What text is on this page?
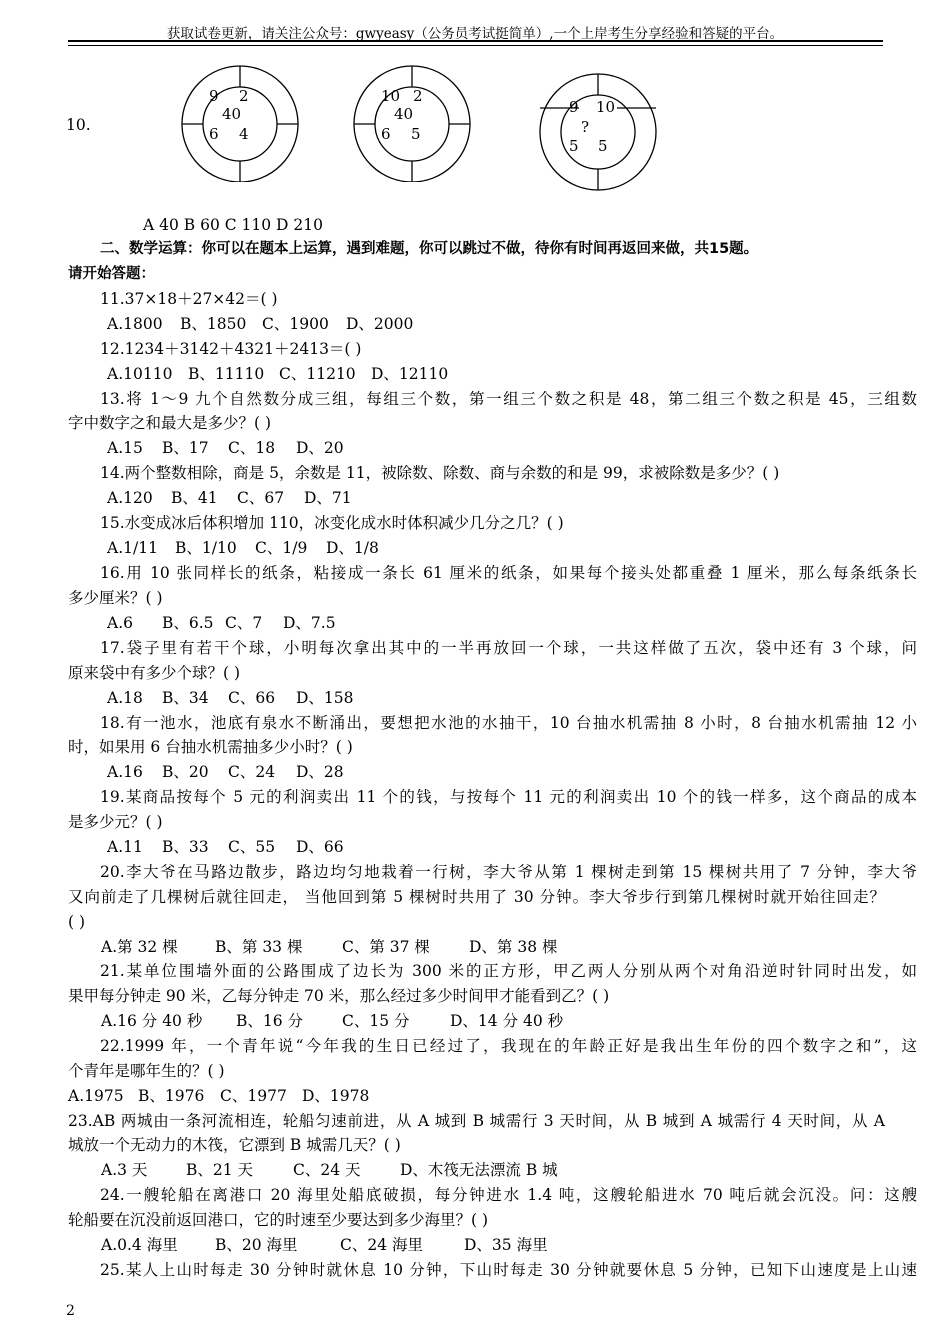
获取试卷更新，请关注公众号：gwyeasy（公务员考试挺简单）,一个上岸考生分享经验和答疑的平台。
10.
9 2
40
6 4
10 2
40
6 5
9 10
?
5 5
A 40 B 60 C 110 D 210
二、数学运算：你可以在题本上运算，遇到难题，你可以跳过不做，待你有时间再返回来做，共15题。
请开始答题：
11.37×18＋27×42＝( )
A.1800 B、1850 C、1900 D、2000
12.1234＋3142＋4321＋2413＝( )
A.10110 B、11110 C、11210 D、12110
13.将 1～9 九个自然数分成三组，每组三个数，第一组三个数之积是 48，第二组三个数之积是 45，三组数
字中数字之和最大是多少？( )
A.15 B、17 C、18 D、20
14.两个整数相除，商是 5，余数是 11，被除数、除数、商与余数的和是 99，求被除数是多少？( )
A.120 B、41 C、67 D、71
15.水变成冰后体积增加 110，冰变化成水时体积减少几分之几？( )
A.1/11 B、1/10 C、1/9 D、1/8
16.用 10 张同样长的纸条，粘接成一条长 61 厘米的纸条，如果每个接头处都重叠 1 厘米，那么每条纸条长
多少厘米？( )
A.6 B、6.5 C、7 D、7.5
17.袋子里有若干个球，小明每次拿出其中的一半再放回一个球，一共这样做了五次，袋中还有 3 个球，问
原来袋中有多少个球？( )
A.18 B、34 C、66 D、158
18.有一池水，池底有泉水不断涌出，要想把水池的水抽干，10 台抽水机需抽 8 小时，8 台抽水机需抽 12 小
时，如果用 6 台抽水机需抽多少小时？( )
A.16 B、20 C、24 D、28
19.某商品按每个 5 元的利润卖出 11 个的钱，与按每个 11 元的利润卖出 10 个的钱一样多，这个商品的成本
是多少元？( )
A.11 B、33 C、55 D、66
20.李大爷在马路边散步，路边均匀地栽着一行树，李大爷从第 1 棵树走到第 15 棵树共用了 7 分钟，李大爷
又向前走了几棵树后就往回走， 当他回到第 5 棵树时共用了 30 分钟。李大爷步行到第几棵树时就开始往回走？
( )
A.第 32 棵 B、第 33 棵	C、第 37 棵	D、第 38 棵
21.某单位围墙外面的公路围成了边长为 300 米的正方形，甲乙两人分别从两个对角沿逆时针同时出发，如
果甲每分钟走 90 米，乙每分钟走 70 米，那么经过多少时间甲才能看到乙？( )
A.16 分 40 秒 B、16 分	C、15 分	D、14 分 40 秒
22.1999 年，一个青年说“今年我的生日已经过了，我现在的年龄正好是我出生年份的四个数字之和”，这
个青年是哪年生的？( )
A.1975 B、1976 C、1977 D、1978
23.AB 两城由一条河流相连，轮船匀速前进，从 A 城到 B 城需行 3 天时间，从 B 城到 A 城需行 4 天时间，从 A
城放一个无动力的木筏，它漂到 B 城需几天？( )
A.3 天 B、21 天	C、24 天	D、木筏无法漂流 B 城
24.一艘轮船在离港口 20 海里处船底破损，每分钟进水 1.4 吨，这艘轮船进水 70 吨后就会沉没。问：这艘
轮船要在沉没前返回港口，它的时速至少要达到多少海里？( )
A.0.4 海里 B、20 海里	C、24 海里	D、35 海里
25.某人上山时每走 30 分钟时就休息 10 分钟，下山时每走 30 分钟就要休息 5 分钟，已知下山速度是上山速
2
